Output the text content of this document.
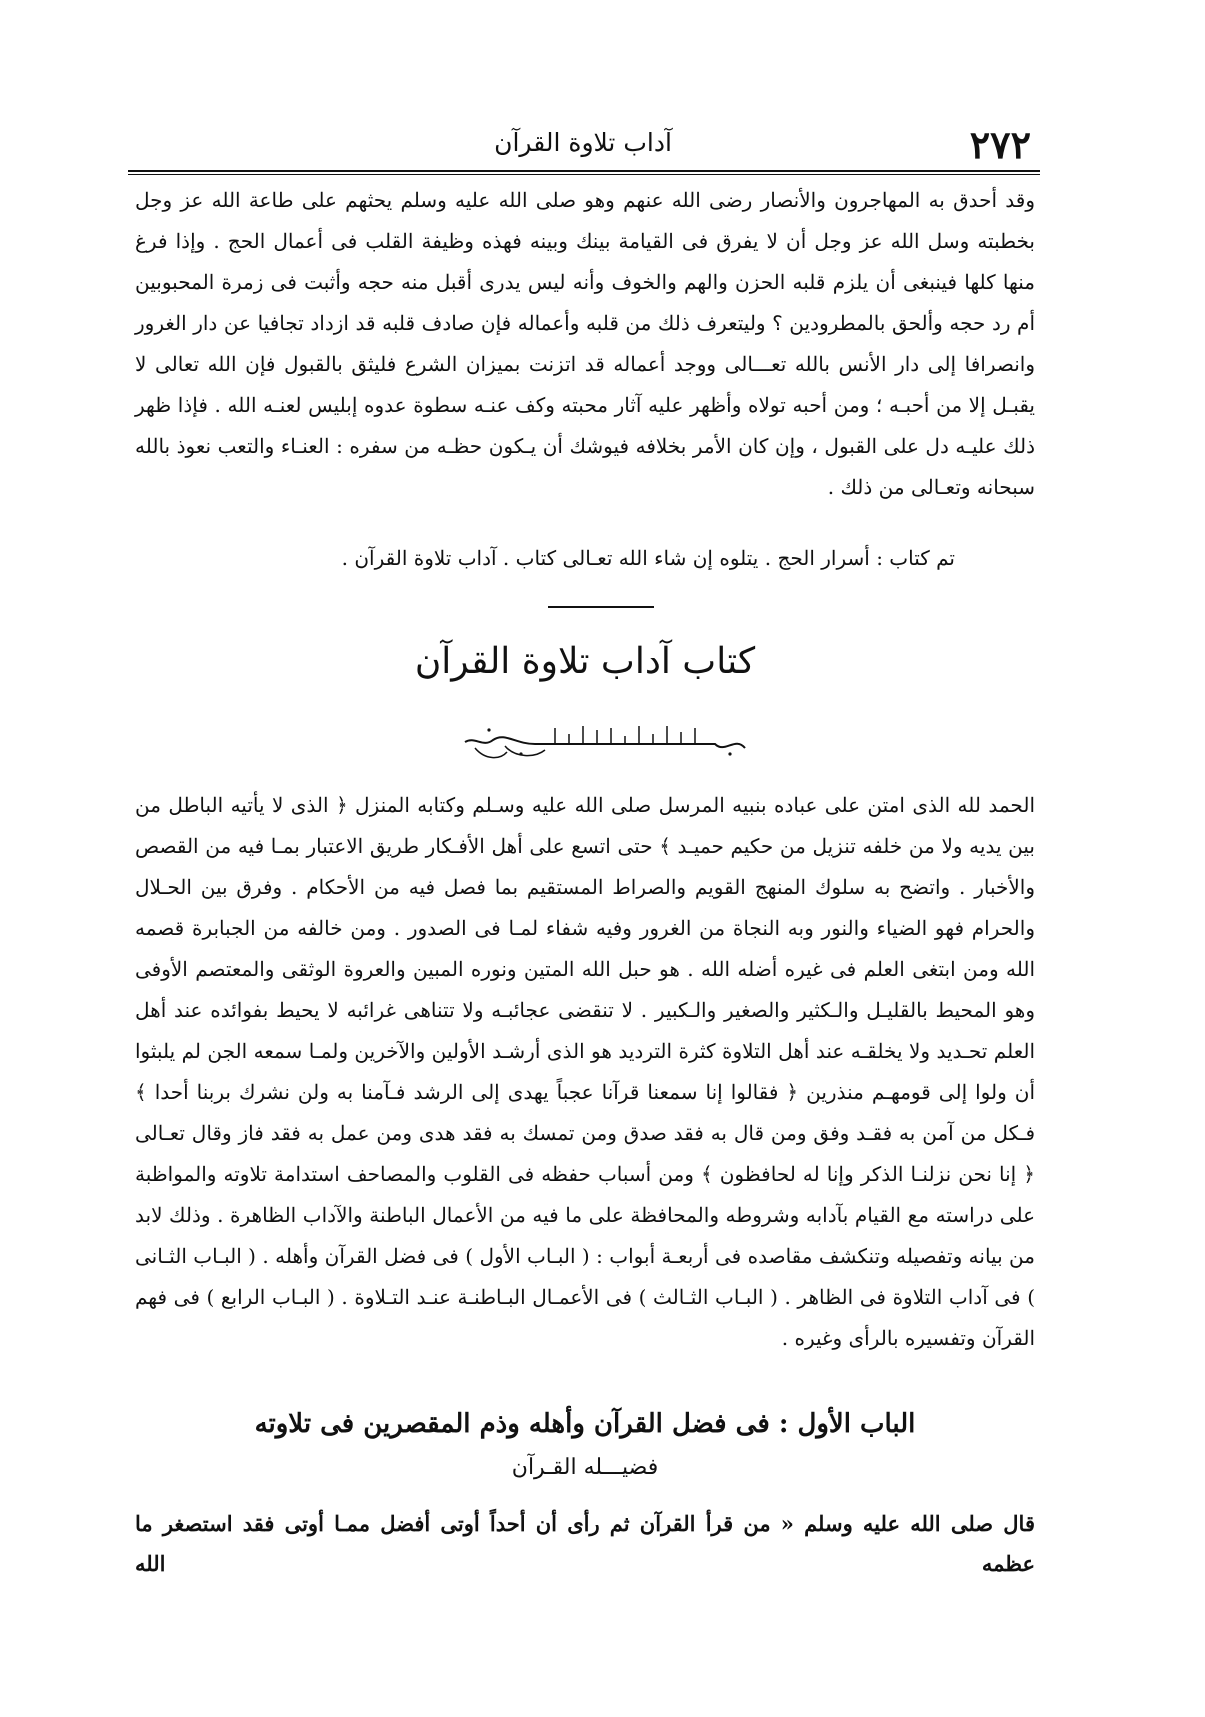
٢٧٢
آداب تلاوة القرآن

وقد أحدق به المهاجرون والأنصار رضى الله عنهم وهو صلى الله عليه وسلم يحثهم على طاعة الله عز وجل بخطبته وسل الله عز وجل أن لا يفرق فى القيامة بينك وبينه فهذه وظيفة القلب فى أعمال الحج . وإذا فرغ منها كلها فينبغى أن يلزم قلبه الحزن والهم والخوف وأنه ليس يدرى أقبل منه حجه وأثبت فى زمرة المحبوبين أم رد حجه وألحق بالمطرودين ؟ وليتعرف ذلك من قلبه وأعماله فإن صادف قلبه قد ازداد تجافيا عن دار الغرور وانصرافا إلى دار الأنس بالله تعـــالى ووجد أعماله قد اتزنت بميزان الشرع فليثق بالقبول فإن الله تعالى لا يقبـل إلا من أحبـه ؛ ومن أحبه تولاه وأظهر عليه آثار محبته وكف عنـه سطوة عدوه إبليس لعنـه الله . فإذا ظهر ذلك عليـه دل على القبول ، وإن كان الأمر بخلافه فيوشك أن يـكون حظـه من سفره : العنـاء والتعب نعوذ بالله سبحانه وتعـالى من ذلك .

تم كتاب : أسرار الحج . يتلوه إن شاء الله تعـالى كتاب . آداب تلاوة القرآن .
كتاب آداب تلاوة القرآن

الحمد لله الذى امتن على عباده بنبيه المرسل صلى الله عليه وسـلم وكتابه المنزل ﴿ الذى لا يأتيه الباطل من بين يديه ولا من خلفه تنزيل من حكيم حميـد ﴾ حتى اتسع على أهل الأفـكار طريق الاعتبار بمـا فيه من القصص والأخبار . واتضح به سلوك المنهج القويم والصراط المستقيم بما فصل فيه من الأحكام . وفرق بين الحـلال والحرام فهو الضياء والنور وبه النجاة من الغرور وفيه شفاء لمـا فى الصدور . ومن خالفه من الجبابرة قصمه الله ومن ابتغى العلم فى غيره أضله الله . هو حبل الله المتين ونوره المبين والعروة الوثقى والمعتصم الأوفى وهو المحيط بالقليـل والـكثير والصغير والـكبير . لا تنقضى عجائبـه ولا تتناهى غرائبه لا يحيط بفوائده عند أهل العلم تحـديد ولا يخلقـه عند أهل التلاوة كثرة الترديد هو الذى أرشـد الأولين والآخرين ولمـا سمعه الجن لم يلبثوا أن ولوا إلى قومهـم منذرين ﴿ فقالوا إنا سمعنا قرآنا عجباً يهدى إلى الرشد فـآمنا به ولن نشرك بربنا أحدا ﴾ فـكل من آمن به فقـد وفق ومن قال به فقد صدق ومن تمسك به فقد هدى ومن عمل به فقد فاز وقال تعـالى ﴿ إنا نحن نزلنـا الذكر وإنا له لحافظون ﴾ ومن أسباب حفظه فى القلوب والمصاحف استدامة تلاوته والمواظبة على دراسته مع القيام بآدابه وشروطه والمحافظة على ما فيه من الأعمال الباطنة والآداب الظاهرة . وذلك لابد من بيانه وتفصيله وتنكشف مقاصده فى أربعـة أبواب : ( البـاب الأول ) فى فضل القرآن وأهله . ( البـاب الثـانى ) فى آداب التلاوة فى الظاهر . ( البـاب الثـالث ) فى الأعمـال البـاطنـة عنـد التـلاوة . ( البـاب الرابع ) فى فهم القرآن وتفسيره بالرأى وغيره .

الباب الأول : فى فضل القرآن وأهله وذم المقصرين فى تلاوته
فضيـــله القـرآن
قال صلى الله عليه وسلم « من قرأ القرآن ثم رأى أن أحداً أوتى أفضل ممـا أوتى فقد استصغر ما عظمه الله
